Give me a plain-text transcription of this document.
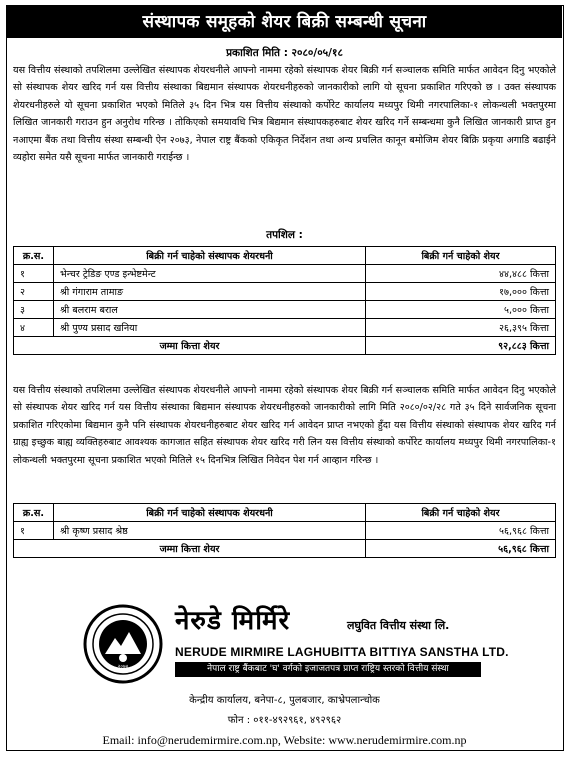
संस्थापक समूहको शेयर बिक्री सम्बन्धी सूचना
प्रकाशित मिति : २०८०/०५/१८

यस वित्तीय संस्थाको तपशिलमा उल्लेखित संस्थापक शेयरधनीले आफ्नो नाममा रहेको संस्थापक शेयर बिक्री गर्न सञ्चालक समिति मार्फत आवेदन दिनु भएकोले सो संस्थापक शेयर खरिद गर्न यस वित्तीय संस्थाका बिद्यमान संस्थापक शेयरधनीहरुको जानकारीको लागि यो सूचना प्रकाशित गरिएको छ । उक्त संस्थापक शेयरधनीहरुले यो सूचना प्रकाशित भएको मितिले ३५ दिन भित्र यस वित्तीय संस्थाको कर्पोरेट कार्यालय मध्यपुर थिमी नगरपालिका-१ लोकन्थली भक्तपुरमा लिखित जानकारी गराउन हुन अनुरोध गरिन्छ । तोकिएको समयावधि भित्र बिद्यमान संस्थापकहरुबाट शेयर खरिद गर्ने सम्बन्धमा कुनै लिखित जानकारी प्राप्त हुन नआएमा बैंक तथा वित्तीय संस्था सम्बन्धी ऐन २०७३, नेपाल राष्ट्र बैंकको एकिकृत निर्देशन तथा अन्य प्रचलित कानून बमोजिम शेयर बिक्रि प्रकृया अगाडि बढाईने व्यहोरा समेत यसै सूचना मार्फत जानकारी गराईन्छ ।

तपशिल :
क्र.स.	बिक्री गर्न चाहेको संस्थापक शेयरधनी	बिक्री गर्न चाहेको शेयर
१	भेन्चर ट्रेडिङ एण्ड इन्भेष्टमेन्ट	४४,४८८ कित्ता
२	श्री गंगाराम तामाङ	१७,००० कित्ता
३	श्री बलराम बराल	५,००० कित्ता
४	श्री पुण्य प्रसाद खनिया	२६,३९५ कित्ता
जम्मा कित्ता शेयर		९२,८८३ कित्ता

यस वित्तीय संस्थाको तपशिलमा उल्लेखित संस्थापक शेयरधनीले आफ्नो नाममा रहेको संस्थापक शेयर बिक्री गर्न सञ्चालक समिति मार्फत आवेदन दिनु भएकोले सो संस्थापक शेयर खरिद गर्न यस वित्तीय संस्थाका बिद्यमान संस्थापक शेयरधनीहरुको जानकारीको लागि मिति २०८०/०२/२८ गते ३५ दिने सार्वजनिक सूचना प्रकाशित गरिएकोमा बिद्यमान कुनै पनि संस्थापक शेयरधनीहरुबाट शेयर खरिद गर्न आवेदन प्राप्त नभएको हुँदा यस वित्तीय संस्थाको संस्थापक शेयर खरिद गर्न ग्राह्य इच्छुक बाह्य व्यक्तिहरुबाट आवश्यक कागजात सहित संस्थापक शेयर खरिद गरी लिन यस वित्तीय संस्थाको कर्पोरेट कार्यालय मध्यपुर थिमी नगरपालिका-१ लोकन्थली भक्तपुरमा सूचना प्रकाशित भएको मितिले १५ दिनभित्र लिखित निवेदन पेश गर्न आव्हान गरिन्छ ।

क्र.स.	बिक्री गर्न चाहेको संस्थापक शेयरधनी	बिक्री गर्न चाहेको शेयर
१	श्री कृष्ण प्रसाद श्रेष्ठ	५६,९६८ कित्ता
जम्मा कित्ता शेयर		५६,९६८ कित्ता
२०७४
नेरुडे मिर्मिरे	लघुवित वित्तीय संस्था लि.
NERUDE MIRMIRE LAGHUBITTA BITTIYA SANSTHA LTD.
नेपाल राष्ट्र बैंकबाट 'घ' वर्गको इजाजतपत्र प्राप्त राष्ट्रिय स्तरको वित्तीय संस्था
केन्द्रीय कार्यालय, बनेपा-८, पुलबजार, काभ्रेपलान्चोक
फोन : ०११-४९२९६१, ४९२९६२
Email: info@nerudemirmire.com.np, Website: www.nerudemirmire.com.np
